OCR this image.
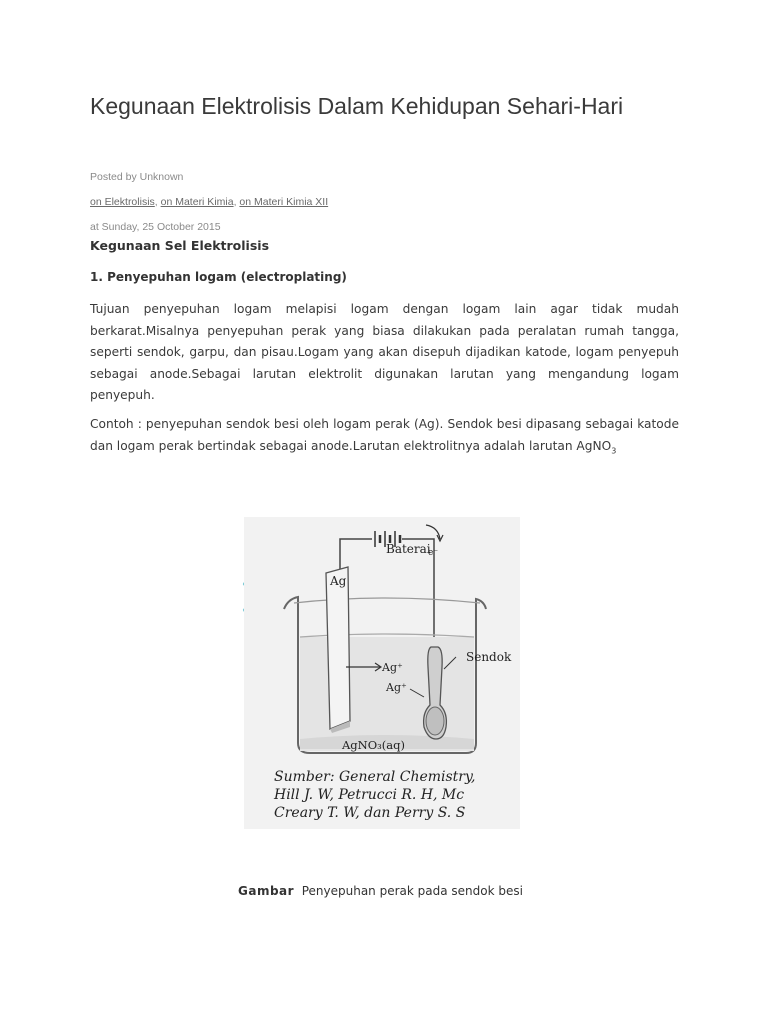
Kegunaan Elektrolisis Dalam Kehidupan Sehari-Hari
Posted by Unknown
on Elektrolisis, on Materi Kimia, on Materi Kimia XII
at Sunday, 25 October 2015
Kegunaan Sel Elektrolisis
1. Penyepuhan logam (electroplating)

Tujuan penyepuhan logam melapisi logam dengan logam lain agar tidak mudah berkarat.Misalnya penyepuhan perak yang biasa dilakukan pada peralatan rumah tangga, seperti sendok, garpu, dan pisau.Logam yang akan disepuh dijadikan katode, logam penyepuh sebagai anode.Sebagai larutan elektrolit digunakan larutan yang mengandung logam penyepuh.

Contoh : penyepuhan sendok besi oleh logam perak (Ag). Sendok besi dipasang sebagai katode dan logam perak bertindak sebagai anode.Larutan elektrolitnya adalah larutan AgNO$_3$

Baterai
e⁻
Ag
Ag⁺
Ag⁺
Sendok
AgNO₃(aq)
Sumber: General Chemistry,
Hill J. W, Petrucci R. H, Mc
Creary T. W, dan Perry S. S
Gambar Penyepuhan perak pada sendok besi
